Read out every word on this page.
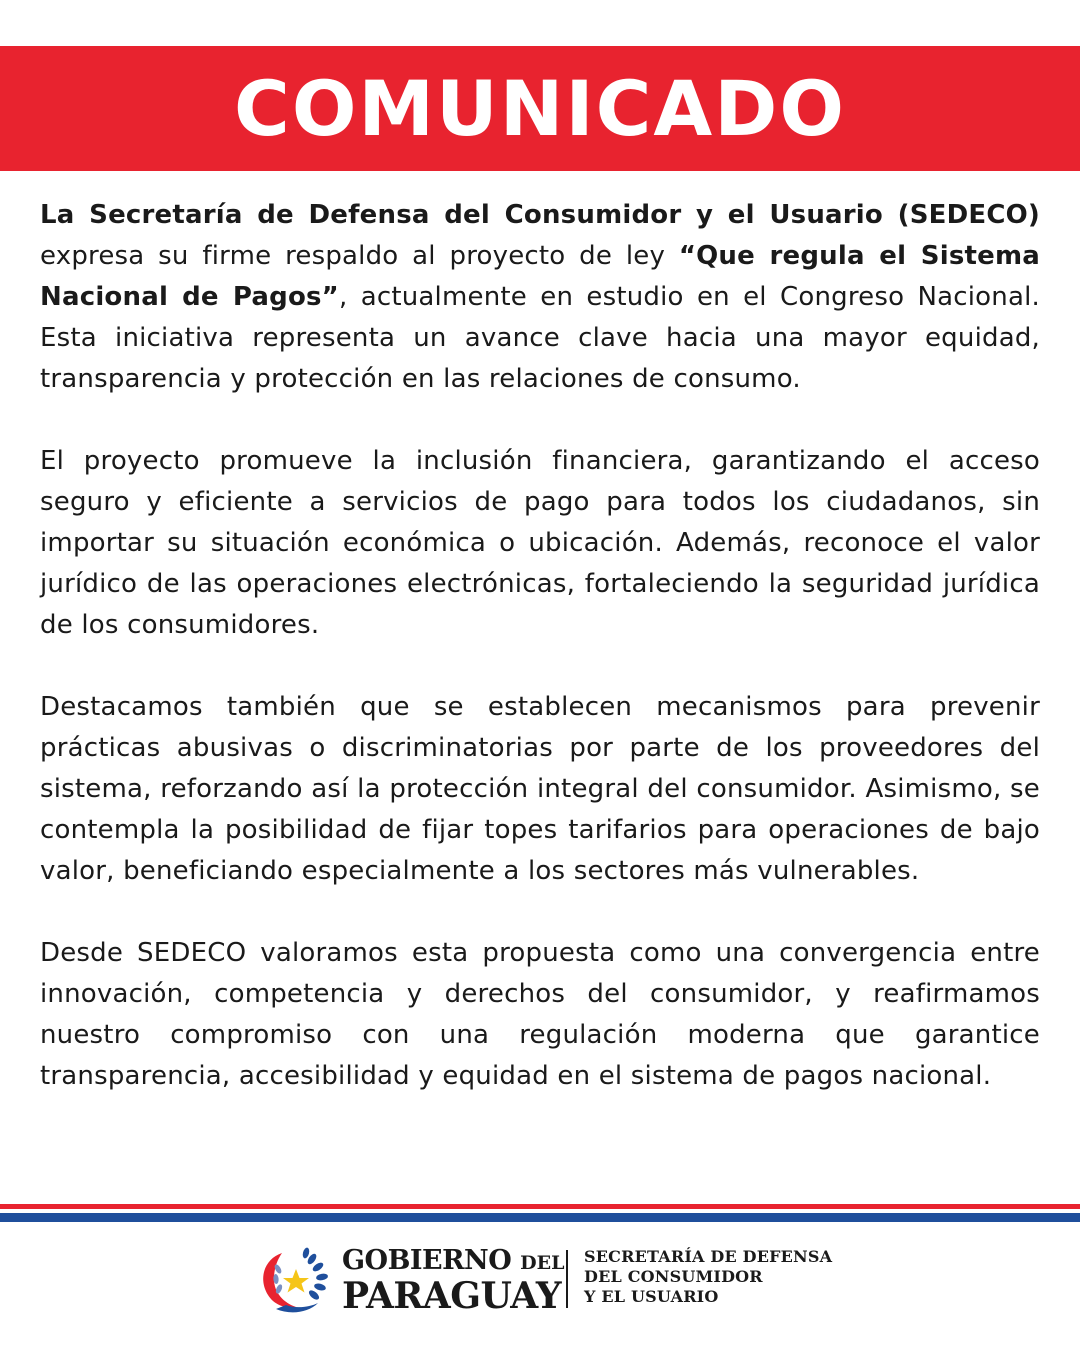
COMUNICADO

La Secretaría de Defensa del Consumidor y el Usuario (SEDECO) expresa su firme respaldo al proyecto de ley “Que regula el Sistema Nacional de Pagos”, actualmente en estudio en el Congreso Nacional. Esta iniciativa representa un avance clave hacia una mayor equidad, transparencia y protección en las relaciones de consumo.

El proyecto promueve la inclusión financiera, garantizando el acceso seguro y eficiente a servicios de pago para todos los ciudadanos, sin importar su situación económica o ubicación. Además, reconoce el valor jurídico de las operaciones electrónicas, fortaleciendo la seguridad jurídica de los consumidores.

Destacamos también que se establecen mecanismos para prevenir prácticas abusivas o discriminatorias por parte de los proveedores del sistema, reforzando así la protección integral del consumidor. Asimismo, se contempla la posibilidad de fijar topes tarifarios para operaciones de bajo valor, beneficiando especialmente a los sectores más vulnerables.

Desde SEDECO valoramos esta propuesta como una convergencia entre innovación, competencia y derechos del consumidor, y reafirmamos nuestro compromiso con una regulación moderna que garantice transparencia, accesibilidad y equidad en el sistema de pagos nacional.

GOBIERNO DEL
PARAGUAY
SECRETARÍA DE DEFENSA
DEL CONSUMIDOR
Y EL USUARIO
